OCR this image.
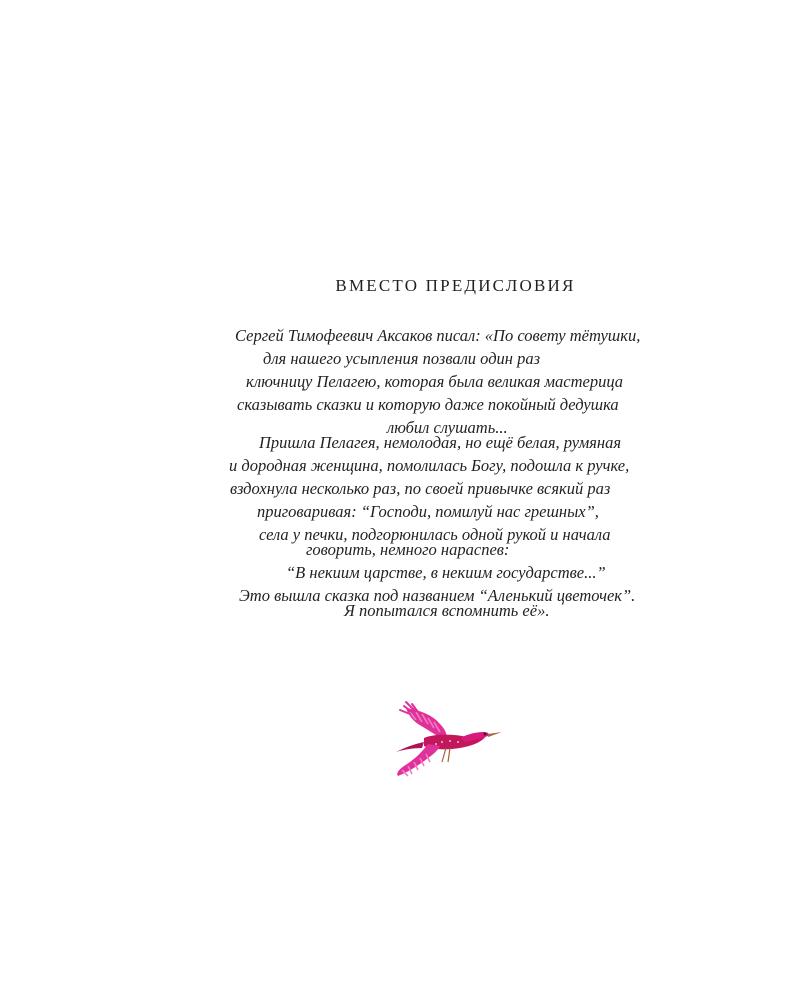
ВМЕСТО ПРЕДИСЛОВИЯ

Сергей Тимофеевич Аксаков писал: «По совету тётушки,

для нашего усыпления позвали один раз

ключницу Пелагею, которая была великая мастерица

сказывать сказки и которую даже покойный дедушка

любил слушать...

Пришла Пелагея, немолодая, но ещё белая, румяная

и дородная женщина, помолилась Богу, подошла к ручке,

вздохнула несколько раз, по своей привычке всякий раз

приговаривая: “Господи, помилуй нас грешных”,

села у печки, подгорюнилась одной рукой и начала

говорить, немного нараспев:

“В некиим царстве, в некиим государстве...”

Это вышла сказка под названием “Аленький цветочек”.

Я попытался вспомнить её».
